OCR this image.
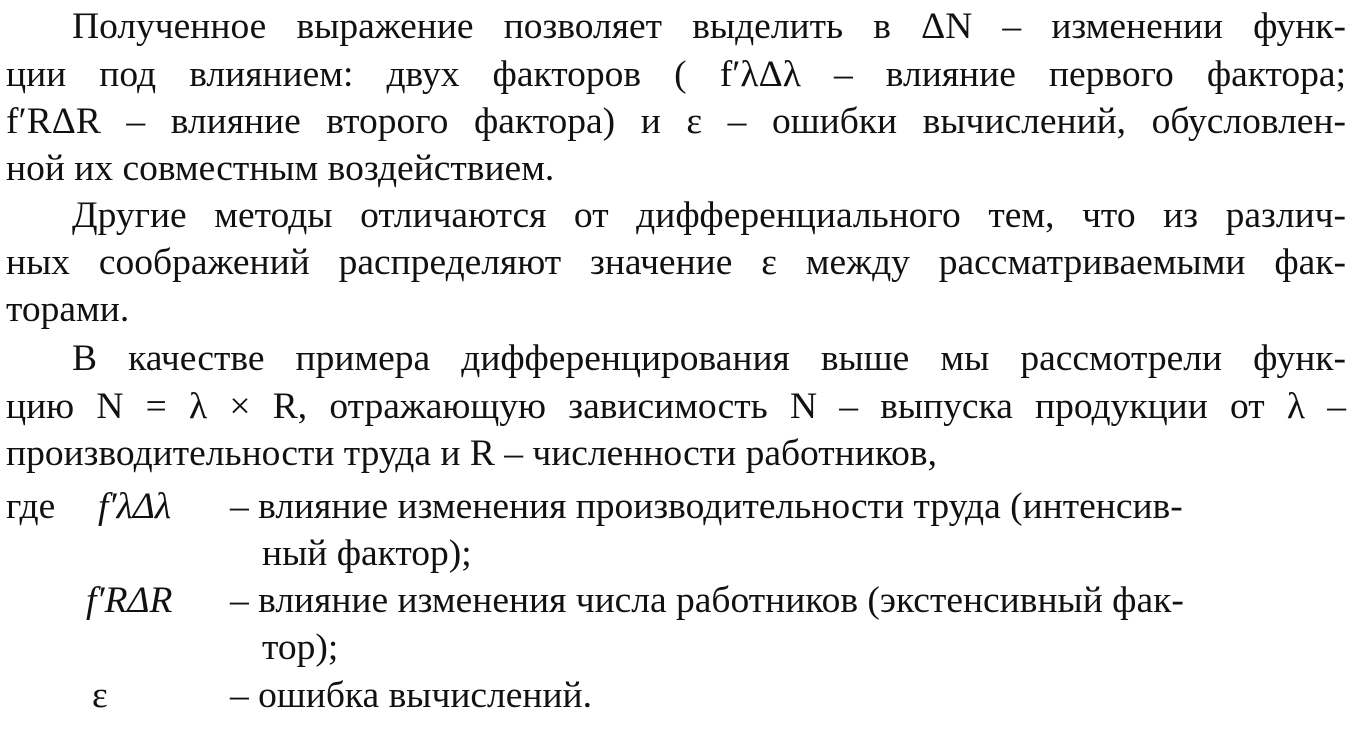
Полученное выражение позволяет выделить в ΔN – изменении функ-
ции под влиянием: двух факторов ( f′λΔλ – влияние первого фактора;
f′RΔR – влияние второго фактора) и ε – ошибки вычислений, обусловлен-
ной их совместным воздействием.
Другие методы отличаются от дифференциального тем, что из различ-
ных соображений распределяют значение ε между рассматриваемыми фак-
торами.
В качестве примера дифференцирования выше мы рассмотрели функ-
цию N = λ × R, отражающую зависимость N – выпуска продукции от λ –
производительности труда и R – численности работников,
где f′λΔλ – влияние изменения производительности труда (интенсив-
ный фактор);
f′RΔR – влияние изменения числа работников (экстенсивный фак-
тор);
ε	– ошибка вычислений.
